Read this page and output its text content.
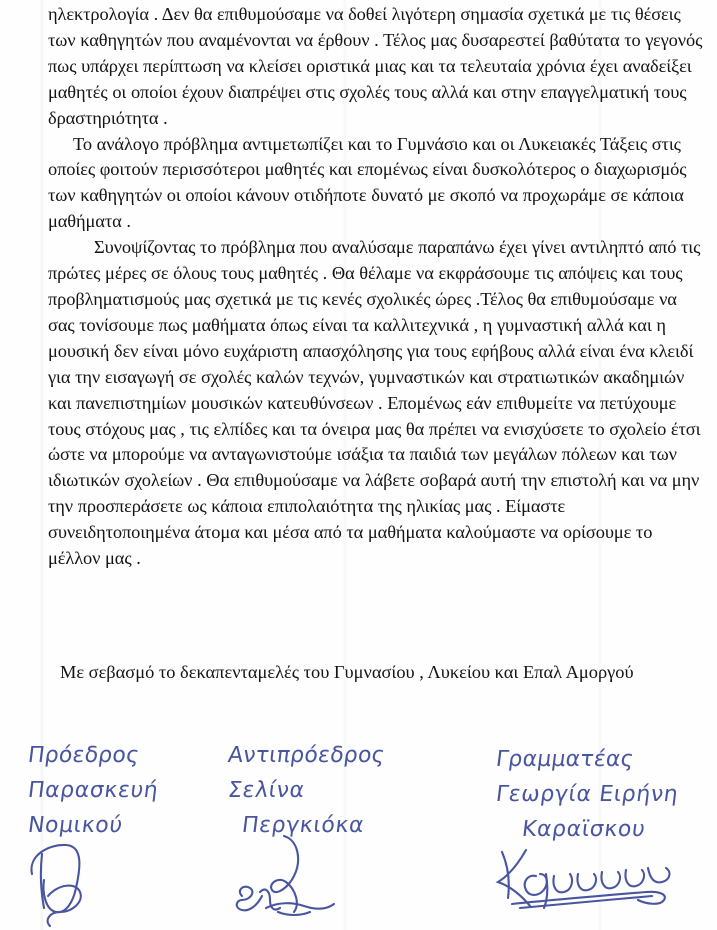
ηλεκτρολογία . Δεν θα επιθυμούσαμε να δοθεί λιγότερη σημασία σχετικά με τις θέσεις των καθηγητών που αναμένονται να έρθουν . Τέλος μας δυσαρεστεί βαθύτατα το γεγονός πως υπάρχει περίπτωση να κλείσει οριστικά μιας και τα τελευταία χρόνια έχει αναδείξει μαθητές οι οποίοι έχουν διαπρέψει στις σχολές τους αλλά και στην επαγγελματική τους δραστηριότητα .

Το ανάλογο πρόβλημα αντιμετωπίζει και το Γυμνάσιο και οι Λυκειακές Τάξεις στις οποίες φοιτούν περισσότεροι μαθητές και επομένως είναι δυσκολότερος ο διαχωρισμός των καθηγητών οι οποίοι κάνουν οτιδήποτε δυνατό με σκοπό να προχωράμε σε κάποια μαθήματα .

Συνοψίζοντας το πρόβλημα που αναλύσαμε παραπάνω έχει γίνει αντιληπτό από τις πρώτες μέρες σε όλους τους μαθητές . Θα θέλαμε να εκφράσουμε τις απόψεις και τους προβληματισμούς μας σχετικά με τις κενές σχολικές ώρες .Τέλος θα επιθυμούσαμε να σας τονίσουμε πως μαθήματα όπως είναι τα καλλιτεχνικά , η γυμναστική αλλά και η μουσική δεν είναι μόνο ευχάριστη απασχόλησης για τους εφήβους αλλά είναι ένα κλειδί για την εισαγωγή σε σχολές καλών τεχνών, γυμναστικών και στρατιωτικών ακαδημιών και πανεπιστημίων μουσικών κατευθύνσεων . Επομένως εάν επιθυμείτε να πετύχουμε τους στόχους μας , τις ελπίδες και τα όνειρα μας θα πρέπει να ενισχύσετε το σχολείο έτσι ώστε να μπορούμε να ανταγωνιστούμε ισάξια τα παιδιά των μεγάλων πόλεων και των ιδιωτικών σχολείων . Θα επιθυμούσαμε να λάβετε σοβαρά αυτή την επιστολή και να μην την προσπεράσετε ως κάποια επιπολαιότητα της ηλικίας μας . Είμαστε συνειδητοποιημένα άτομα και μέσα από τα μαθήματα καλούμαστε να ορίσουμε το μέλλον μας .

Με σεβασμό το δεκαπενταμελές του Γυμνασίου , Λυκείου και Επαλ Αμοργού
Πρόεδρος
Παρασκευή
Νομικού
Αντιπρόεδρος
Σελίνα
Περγκιόκα
Γραμματέας
Γεωργία Ειρήνη
Καραϊσκου
